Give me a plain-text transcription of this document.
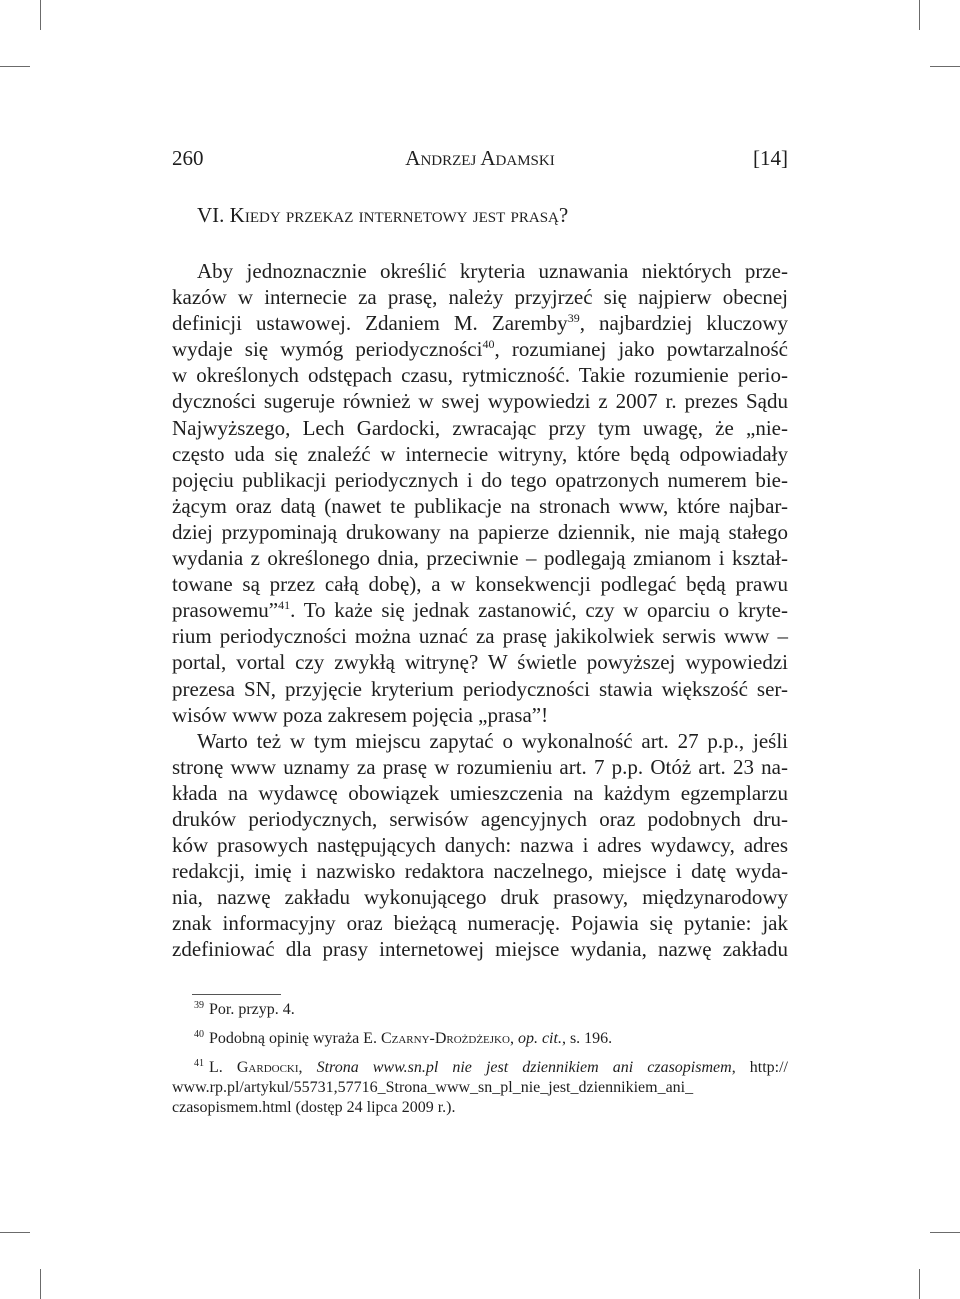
260	Andrzej Adamski	[14]
VI. Kiedy przekaz internetowy jest prasą?
Aby jednoznacznie określić kryteria uznawania niektórych prze-
kazów w internecie za prasę, należy przyjrzeć się najpierw obecnej
definicji ustawowej. Zdaniem M. Zaremby$^{39}$, najbardziej kluczowy
wydaje się wymóg periodyczności$^{40}$, rozumianej jako powtarzalność
w określonych odstępach czasu, rytmiczność. Takie rozumienie perio-
dyczności sugeruje również w swej wypowiedzi z 2007 r. prezes Sądu
Najwyższego, Lech Gardocki, zwracając przy tym uwagę, że „nie-
często uda się znaleźć w internecie witryny, które będą odpowiadały
pojęciu publikacji periodycznych i do tego opatrzonych numerem bie-
żącym oraz datą (nawet te publikacje na stronach www, które najbar-
dziej przypominają drukowany na papierze dziennik, nie mają stałego
wydania z określonego dnia, przeciwnie – podlegają zmianom i kształ-
towane są przez całą dobę), a w konsekwencji podlegać będą prawu
prasowemu”$^{41}$. To każe się jednak zastanowić, czy w oparciu o kryte-
rium periodyczności można uznać za prasę jakikolwiek serwis www –
portal, vortal czy zwykłą witrynę? W świetle powyższej wypowiedzi
prezesa SN, przyjęcie kryterium periodyczności stawia większość ser-
wisów www poza zakresem pojęcia „prasa”!
Warto też w tym miejscu zapytać o wykonalność art. 27 p.p., jeśli
stronę www uznamy za prasę w rozumieniu art. 7 p.p. Otóż art. 23 na-
kłada na wydawcę obowiązek umieszczenia na każdym egzemplarzu
druków periodycznych, serwisów agencyjnych oraz podobnych dru-
ków prasowych następujących danych: nazwa i adres wydawcy, adres
redakcji, imię i nazwisko redaktora naczelnego, miejsce i datę wyda-
nia, nazwę zakładu wykonującego druk prasowy, międzynarodowy
znak informacyjny oraz bieżącą numerację. Pojawia się pytanie: jak
zdefiniować dla prasy internetowej miejsce wydania, nazwę zakładu
$^{39}$ Por. przyp. 4.
$^{40}$ Podobną opinię wyraża E. Czarny-Drożdżejko, op. cit., s. 196.
$^{41}$ L. Gardocki, Strona www.sn.pl nie jest dziennikiem ani czasopismem, http://
www.rp.pl/artykul/55731,57716_Strona_www_sn_pl_nie_jest_dziennikiem_ani_
czasopismem.html (dostęp 24 lipca 2009 r.).
